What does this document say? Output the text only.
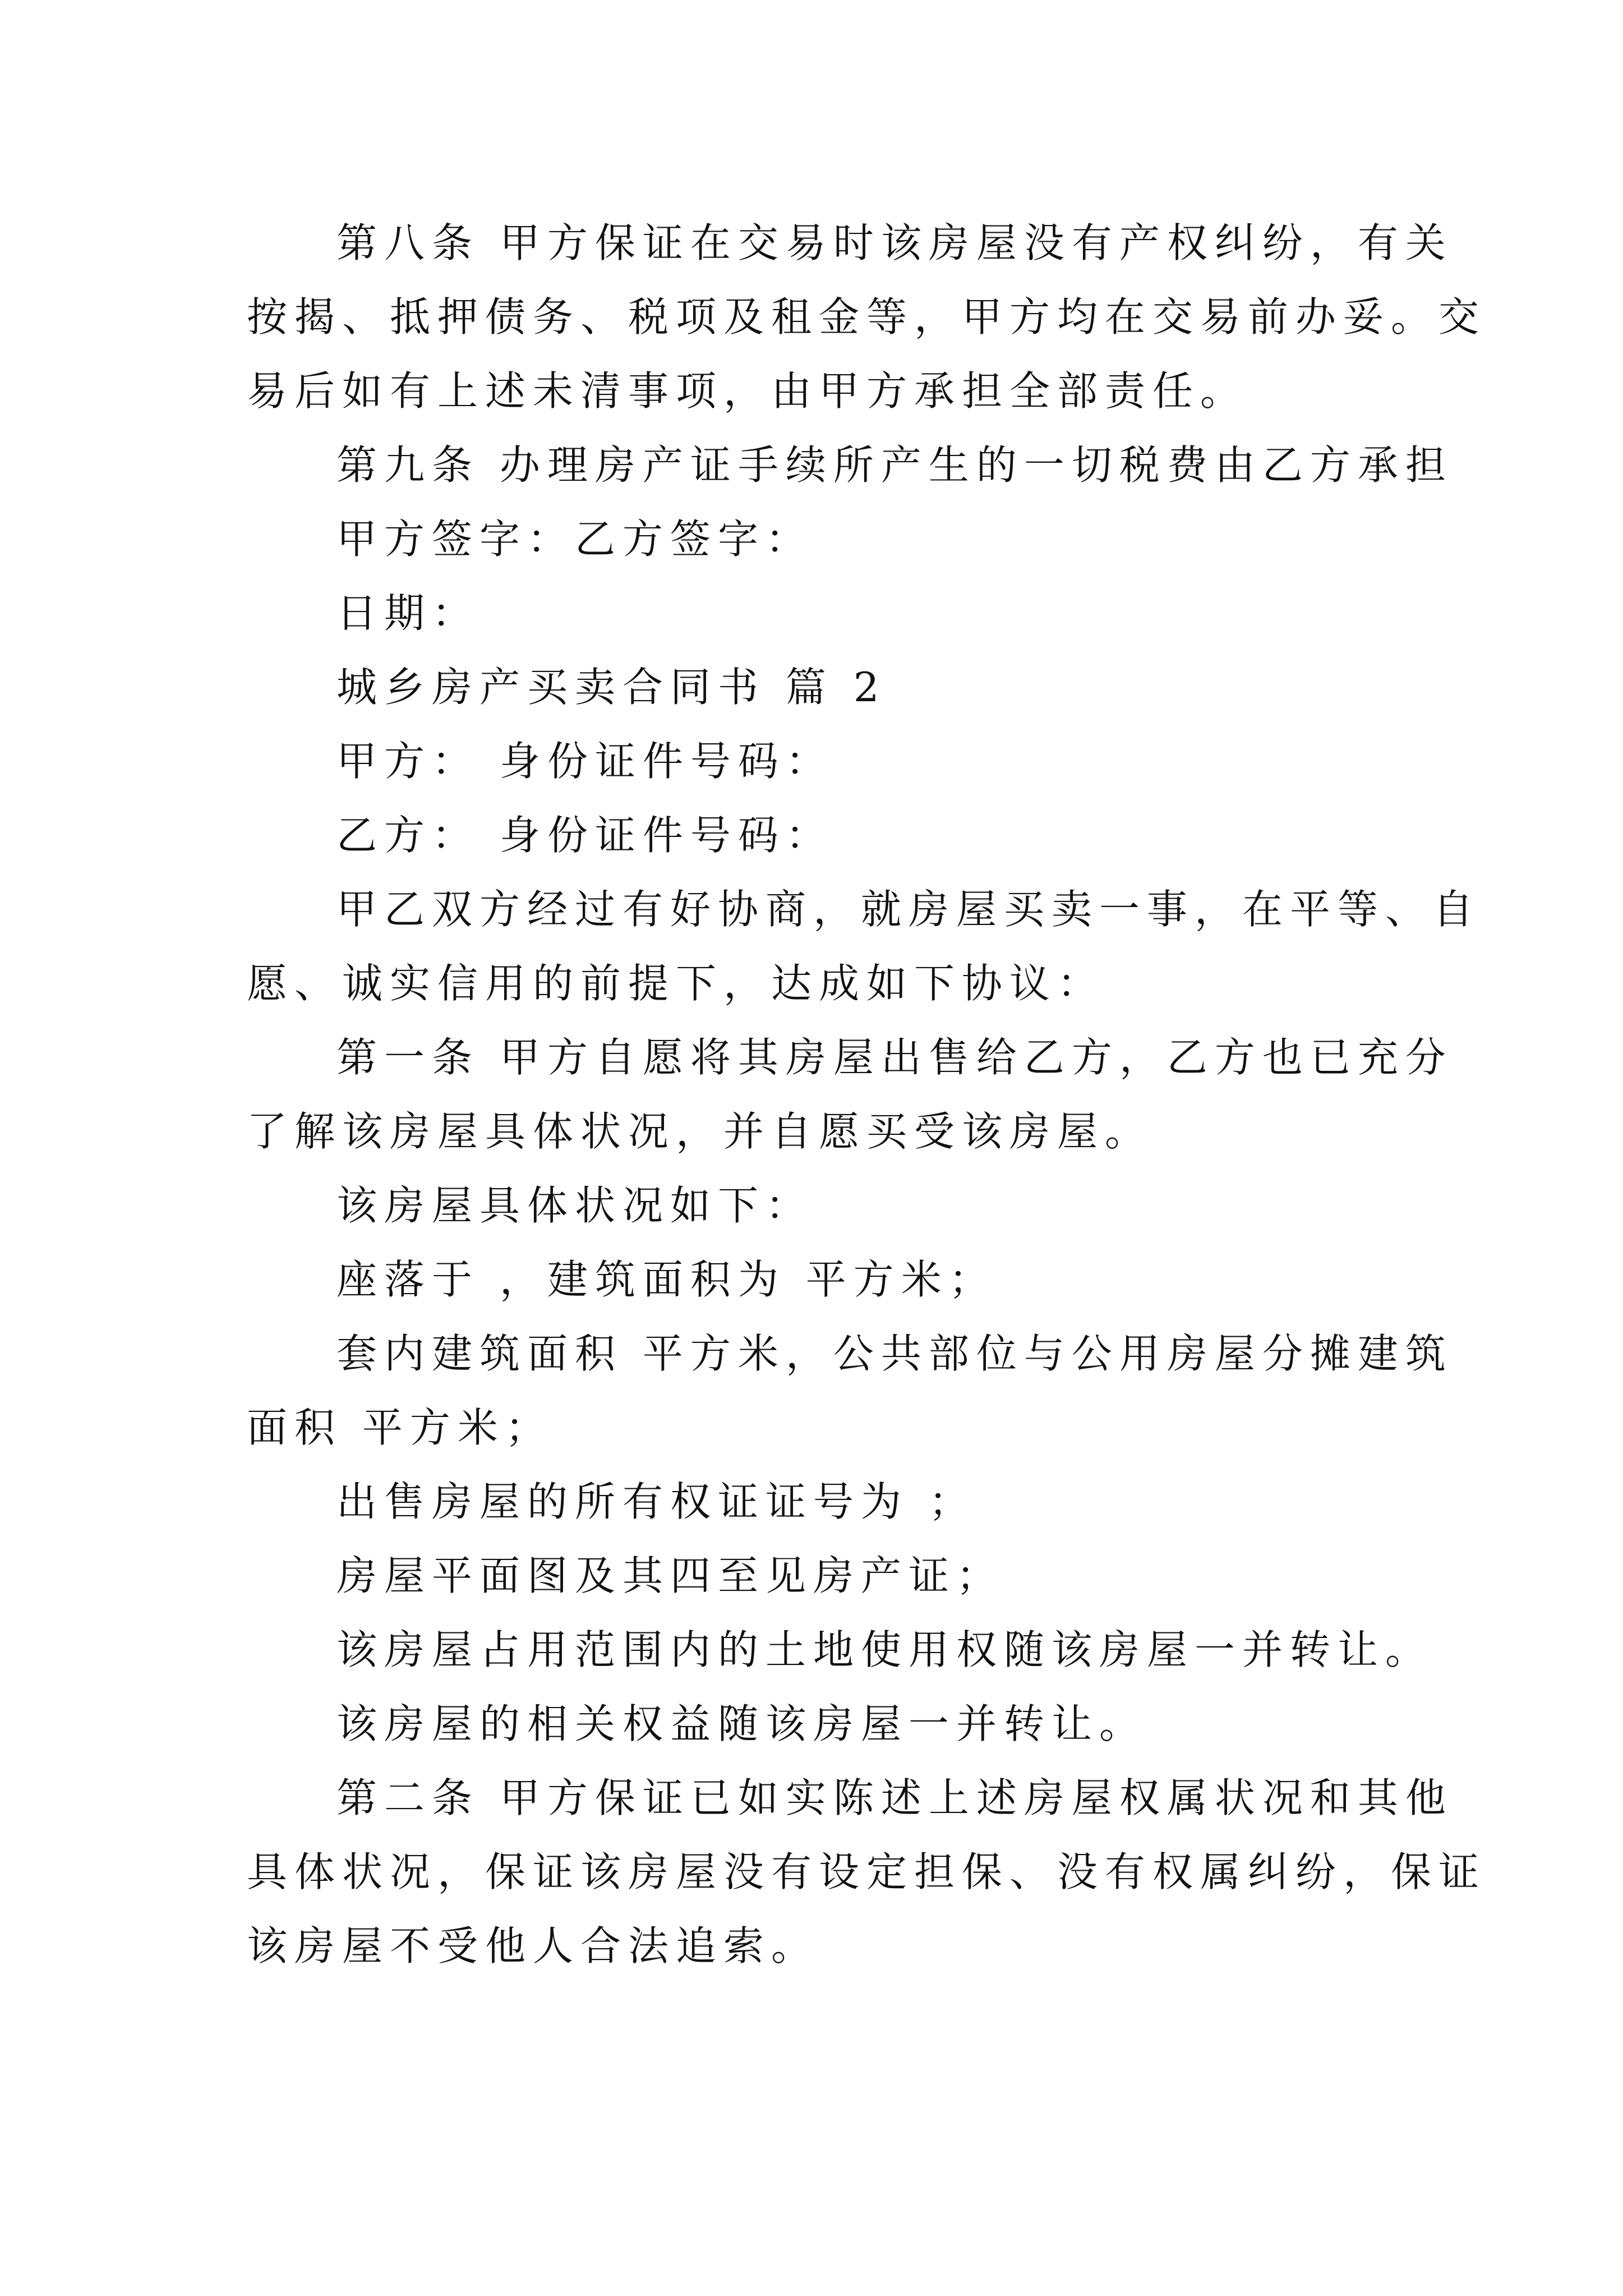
第八条 甲方保证在交易时该房屋没有产权纠纷，有关
按揭、抵押债务、税项及租金等，甲方均在交易前办妥。交
易后如有上述未清事项，由甲方承担全部责任。
第九条 办理房产证手续所产生的一切税费由乙方承担
甲方签字：乙方签字：
日期：
城乡房产买卖合同书 篇 2
甲方： 身份证件号码：
乙方： 身份证件号码：
甲乙双方经过有好协商，就房屋买卖一事，在平等、自
愿、诚实信用的前提下，达成如下协议：
第一条 甲方自愿将其房屋出售给乙方，乙方也已充分
了解该房屋具体状况，并自愿买受该房屋。
该房屋具体状况如下：
座落于 ，建筑面积为 平方米；
套内建筑面积 平方米，公共部位与公用房屋分摊建筑
面积 平方米；
出售房屋的所有权证证号为 ；
房屋平面图及其四至见房产证；
该房屋占用范围内的土地使用权随该房屋一并转让。
该房屋的相关权益随该房屋一并转让。
第二条 甲方保证已如实陈述上述房屋权属状况和其他
具体状况，保证该房屋没有设定担保、没有权属纠纷，保证
该房屋不受他人合法追索。
